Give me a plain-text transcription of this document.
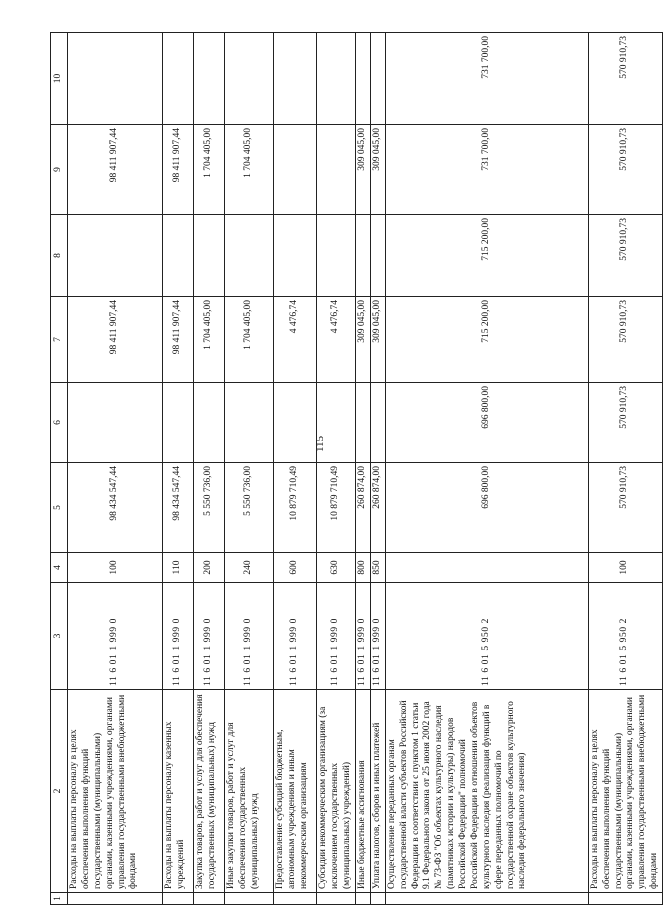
115
1	2	3	4	5	6	7	8	9	10
	Расходы на выплаты персоналу в целях обеспечения выполнения функций государственными (муниципальными) органами, казенными учреждениями, органами управления государственными внебюджетными фондами	11 6 01 1 999 0	100	98 434 547,44		98 411 907,44		98 411 907,44	
	Расходы на выплаты персоналу казенных учреждений	11 6 01 1 999 0	110	98 434 547,44		98 411 907,44		98 411 907,44	
	Закупка товаров, работ и услуг для обеспечения государственных (муниципальных) нужд	11 6 01 1 999 0	200	5 550 736,00		1 704 405,00		1 704 405,00	
	Иные закупки товаров, работ и услуг для обеспечения государственных (муниципальных) нужд	11 6 01 1 999 0	240	5 550 736,00		1 704 405,00		1 704 405,00	
	Предоставление субсидий бюджетным, автономным учреждениям и иным некоммерческим организациям	11 6 01 1 999 0	600	10 879 710,49		4 476,74			
	Субсидии некоммерческим организациям (за исключением государственных (муниципальных) учреждений)	11 6 01 1 999 0	630	10 879 710,49		4 476,74			
	Иные бюджетные ассигнования	11 6 01 1 999 0	800	260 874,00		309 045,00		309 045,00	
	Уплата налогов, сборов и иных платежей	11 6 01 1 999 0	850	260 874,00		309 045,00		309 045,00	
	Осуществление переданных органам государственной власти субъектов Российской Федерации в соответствии с пунктом 1 статьи 9.1 Федерального закона от 25 июня 2002 года № 73-ФЗ "Об объектах культурного наследия (памятниках истории и культуры) народов Российской Федерации" полномочий Российской Федерации в отношении объектов культурного наследия (реализация функций в сфере переданных полномочий по государственной охране объектов культурного наследия федерального значения)	11 6 01 5 950 2		696 800,00	696 800,00	715 200,00	715 200,00	731 700,00	731 700,00
	Расходы на выплаты персоналу в целях обеспечения выполнения функций государственными (муниципальными) органами, казенными учреждениями, органами управления государственными внебюджетными фондами	11 6 01 5 950 2	100	570 910,73	570 910,73	570 910,73	570 910,73	570 910,73	570 910,73
